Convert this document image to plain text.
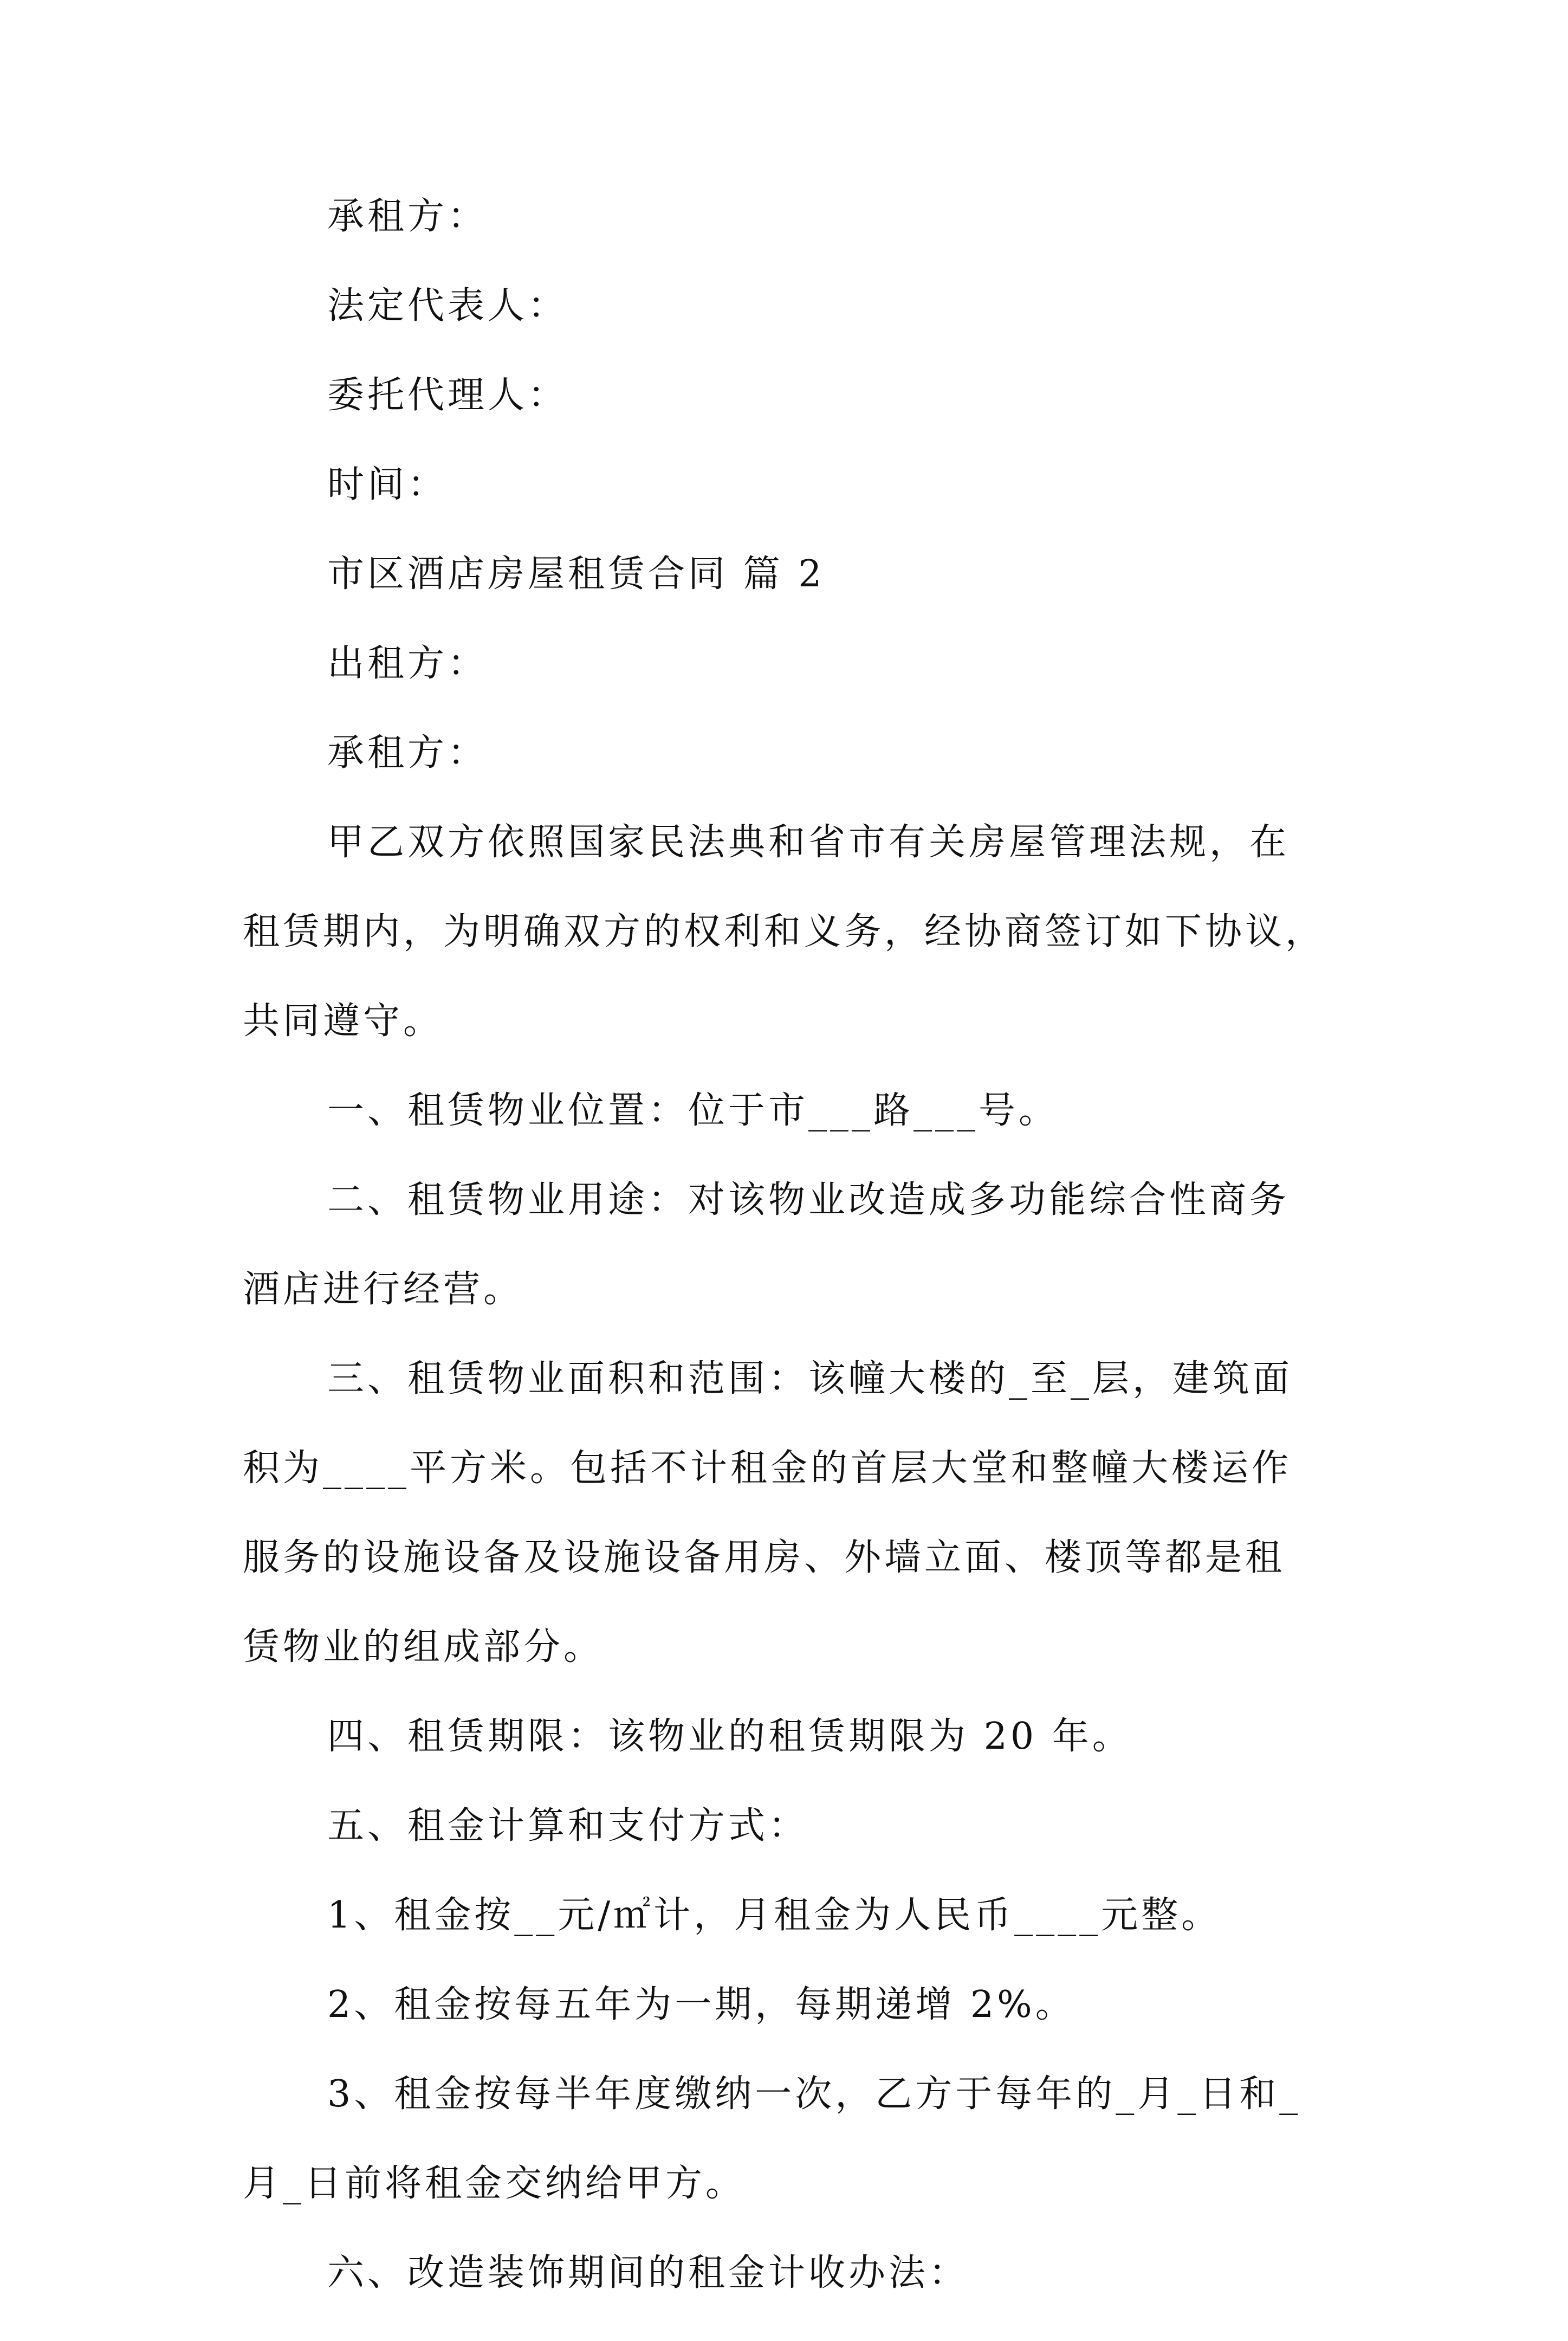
承租方：
法定代表人：
委托代理人：
时间：
市区酒店房屋租赁合同 篇 2
出租方：
承租方：
甲乙双方依照国家民法典和省市有关房屋管理法规，在
租赁期内，为明确双方的权利和义务，经协商签订如下协议，
共同遵守。
一、租赁物业位置：位于市___路___号。
二、租赁物业用途：对该物业改造成多功能综合性商务
酒店进行经营。
三、租赁物业面积和范围：该幢大楼的_至_层，建筑面
积为____平方米。包括不计租金的首层大堂和整幢大楼运作
服务的设施设备及设施设备用房、外墙立面、楼顶等都是租
赁物业的组成部分。
四、租赁期限：该物业的租赁期限为 20 年。
五、租金计算和支付方式：
1、租金按__元/㎡计，月租金为人民币____元整。
2、租金按每五年为一期，每期递增 2%。
3、租金按每半年度缴纳一次，乙方于每年的_月_日和_
月_日前将租金交纳给甲方。
六、改造装饰期间的租金计收办法：
